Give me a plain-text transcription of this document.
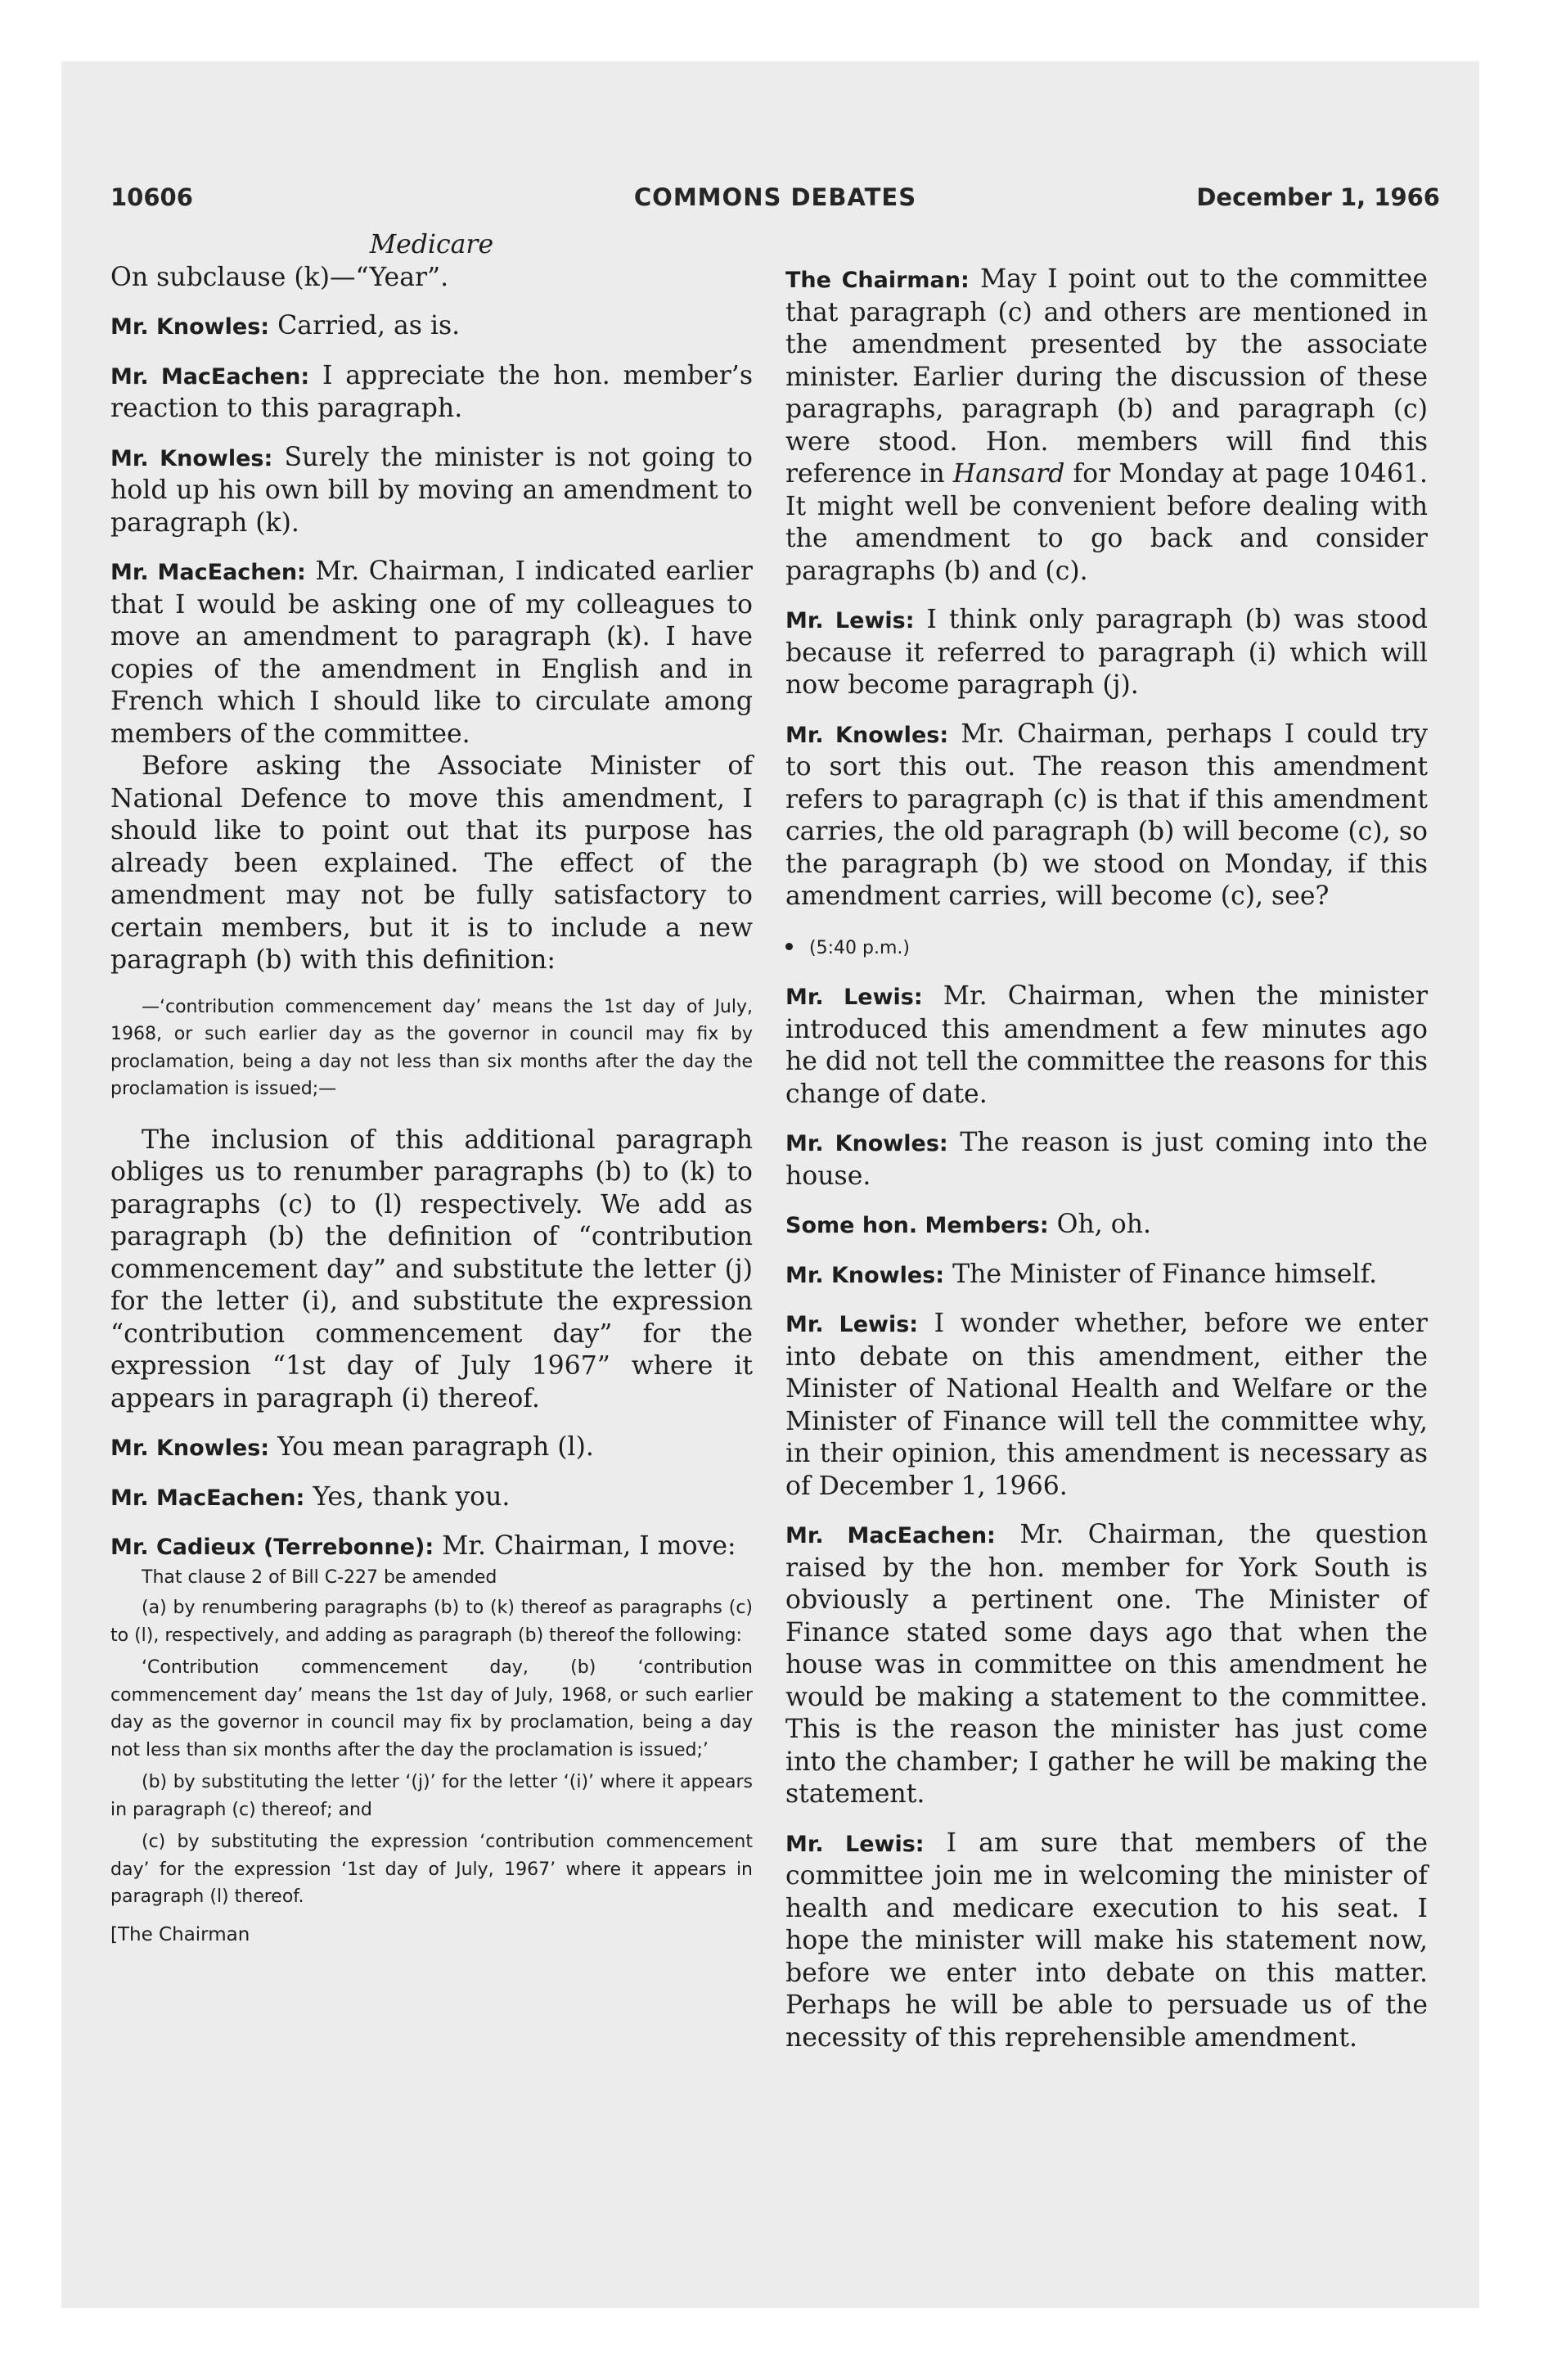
10606	COMMONS DEBATES	December 1, 1966

Medicare

On subclause (k)—“Year”.

Mr. Knowles: Carried, as is.

Mr. MacEachen: I appreciate the hon. member’s reaction to this paragraph.

Mr. Knowles: Surely the minister is not going to hold up his own bill by moving an amendment to paragraph (k).

Mr. MacEachen: Mr. Chairman, I indicated earlier that I would be asking one of my colleagues to move an amendment to paragraph (k). I have copies of the amendment in English and in French which I should like to circulate among members of the committee.

Before asking the Associate Minister of National Defence to move this amendment, I should like to point out that its purpose has already been explained. The effect of the amendment may not be fully satisfactory to certain members, but it is to include a new paragraph (b) with this definition:

—‘contribution commencement day’ means the 1st day of July, 1968, or such earlier day as the governor in council may fix by proclamation, being a day not less than six months after the day the proclamation is issued;—

The inclusion of this additional paragraph obliges us to renumber paragraphs (b) to (k) to paragraphs (c) to (l) respectively. We add as paragraph (b) the definition of “contribution commencement day” and substitute the letter (j) for the letter (i), and substitute the expression “contribution commencement day” for the expression “1st day of July 1967” where it appears in paragraph (i) thereof.

Mr. Knowles: You mean paragraph (l).

Mr. MacEachen: Yes, thank you.

Mr. Cadieux (Terrebonne): Mr. Chairman, I move:

That clause 2 of Bill C-227 be amended

(a) by renumbering paragraphs (b) to (k) thereof as paragraphs (c) to (l), respectively, and adding as paragraph (b) thereof the following:

‘Contribution commencement day, (b) ‘contribution commencement day’ means the 1st day of July, 1968, or such earlier day as the governor in council may fix by proclamation, being a day not less than six months after the day the proclamation is issued;’

(b) by substituting the letter ‘(j)’ for the letter ‘(i)’ where it appears in paragraph (c) thereof; and

(c) by substituting the expression ‘contribution commencement day’ for the expression ‘1st day of July, 1967’ where it appears in paragraph (l) thereof.

[The Chairman

The Chairman: May I point out to the committee that paragraph (c) and others are mentioned in the amendment presented by the associate minister. Earlier during the discussion of these paragraphs, paragraph (b) and paragraph (c) were stood. Hon. members will find this reference in Hansard for Monday at page 10461. It might well be convenient before dealing with the amendment to go back and consider paragraphs (b) and (c).

Mr. Lewis: I think only paragraph (b) was stood because it referred to paragraph (i) which will now become paragraph (j).

Mr. Knowles: Mr. Chairman, perhaps I could try to sort this out. The reason this amendment refers to paragraph (c) is that if this amendment carries, the old paragraph (b) will become (c), so the paragraph (b) we stood on Monday, if this amendment carries, will become (c), see?

(5:40 p.m.)

Mr. Lewis: Mr. Chairman, when the minister introduced this amendment a few minutes ago he did not tell the committee the reasons for this change of date.

Mr. Knowles: The reason is just coming into the house.

Some hon. Members: Oh, oh.

Mr. Knowles: The Minister of Finance himself.

Mr. Lewis: I wonder whether, before we enter into debate on this amendment, either the Minister of National Health and Welfare or the Minister of Finance will tell the committee why, in their opinion, this amendment is necessary as of December 1, 1966.

Mr. MacEachen: Mr. Chairman, the question raised by the hon. member for York South is obviously a pertinent one. The Minister of Finance stated some days ago that when the house was in committee on this amendment he would be making a statement to the committee. This is the reason the minister has just come into the chamber; I gather he will be making the statement.

Mr. Lewis: I am sure that members of the committee join me in welcoming the minister of health and medicare execution to his seat. I hope the minister will make his statement now, before we enter into debate on this matter. Perhaps he will be able to persuade us of the necessity of this reprehensible amendment.
